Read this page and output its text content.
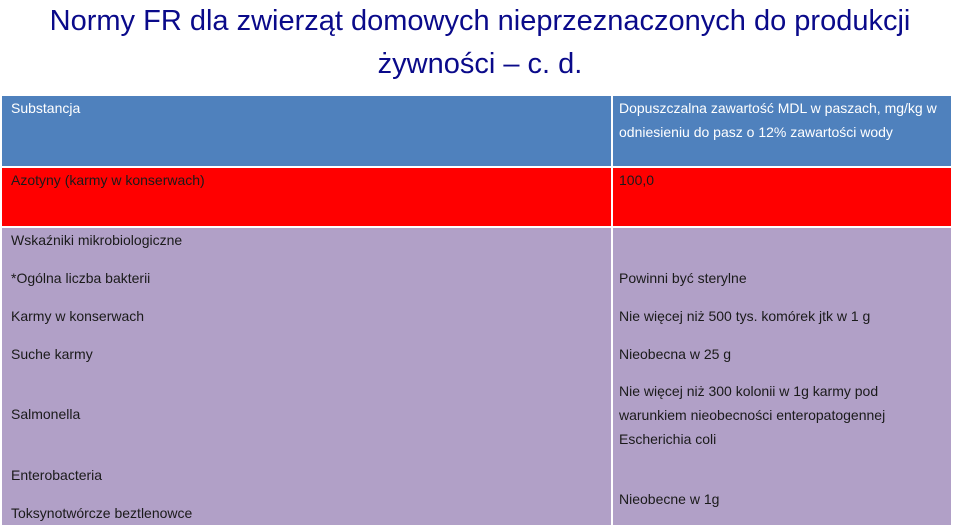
Normy FR dla zwierząt domowych nieprzeznaczonych do produkcji
żywności – c. d.
Substancja	Dopuszczalna zawartość MDL w paszach, mg/kg w odniesieniu do pasz o 12% zawartości wody
Azotyny (karmy w konserwach)	100,0
Wskaźniki mikrobiologiczne
*Ogólna liczba bakterii
Karmy w konserwach
Suche karmy
Salmonella
Enterobacteria
Toksynotwórcze beztlenowce
Powinni być sterylne
Nie więcej niż 500 tys. komórek jtk w 1 g
Nieobecna w 25 g
Nie więcej niż 300 kolonii w 1g karmy pod warunkiem nieobecności enteropatogennej Escherichia coli
Nieobecne w 1g
